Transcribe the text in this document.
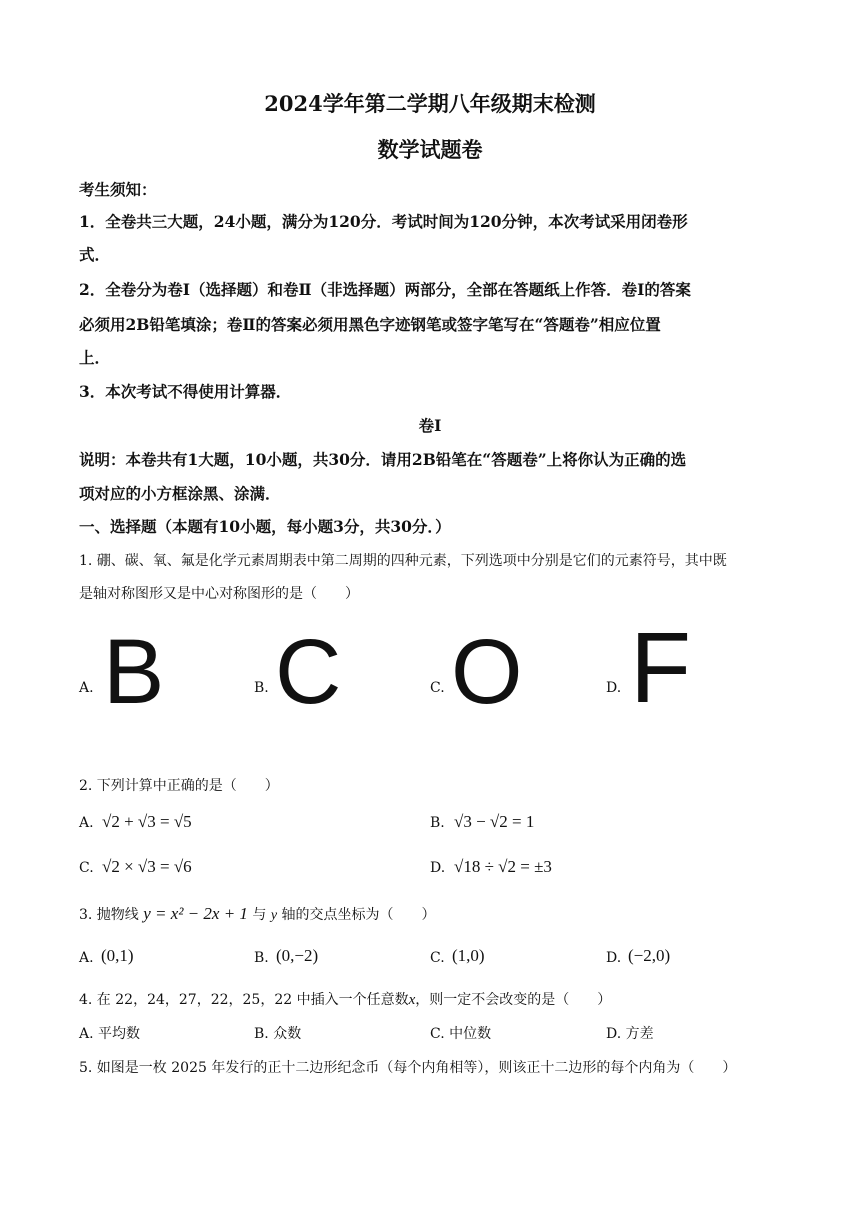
2024学年第二学期八年级期末检测
数学试题卷
考生须知：
1．全卷共三大题，24小题，满分为120分．考试时间为120分钟，本次考试采用闭卷形
式．
2．全卷分为卷Ⅰ（选择题）和卷Ⅱ（非选择题）两部分，全部在答题纸上作答．卷Ⅰ的答案
必须用2B铅笔填涂；卷Ⅱ的答案必须用黑色字迹钢笔或签字笔写在“答题卷”相应位置
上．
3．本次考试不得使用计算器．
卷Ⅰ
说明：本卷共有1大题，10小题，共30分．请用2B铅笔在“答题卷”上将你认为正确的选
项对应的小方框涂黑、涂满．
一、选择题（本题有10小题，每小题3分，共30分．）
1. 硼、碳、氧、氟是化学元素周期表中第二周期的四种元素，下列选项中分别是它们的元素符号，其中既
是轴对称图形又是中心对称图形的是（　　）
A. B	B. C	C. O	D. F
2. 下列计算中正确的是（　　）
A. √2 + √3 = √5	B. √3 − √2 = 1
C. √2 × √3 = √6	D. √18 ÷ √2 = ±3
3. 抛物线 y = x² − 2x + 1 与 y 轴的交点坐标为（　　）
A. (0,1)	B. (0,−2)	C. (1,0)	D. (−2,0)
4. 在 22，24，27，22，25，22 中插入一个任意数x，则一定不会改变的是（　　）
A. 平均数	B. 众数	C. 中位数	D. 方差
5. 如图是一枚 2025 年发行的正十二边形纪念币（每个内角相等），则该正十二边形的每个内角为（　　）
